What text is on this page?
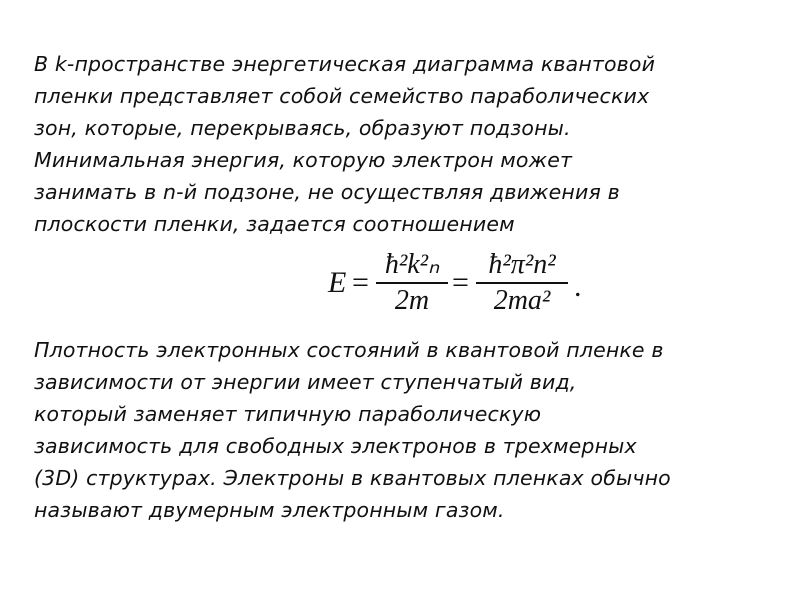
В k-пространстве энергетическая диаграмма квантовой
пленки представляет собой семейство параболических
зон, которые, перекрываясь, образуют подзоны.
Минимальная энергия, которую электрон может
занимать в n-й подзоне, не осуществляя движения в
плоскости пленки, задается соотношением
E =
ħ²k²ₙ
2m
=
ħ²π²n²
2ma² .
Плотность электронных состояний в квантовой пленке в
зависимости от энергии имеет ступенчатый вид,
который заменяет типичную параболическую
зависимость для свободных электронов в трехмерных
(3D) структурах. Электроны в квантовых пленках обычно
называют двумерным электронным газом.
